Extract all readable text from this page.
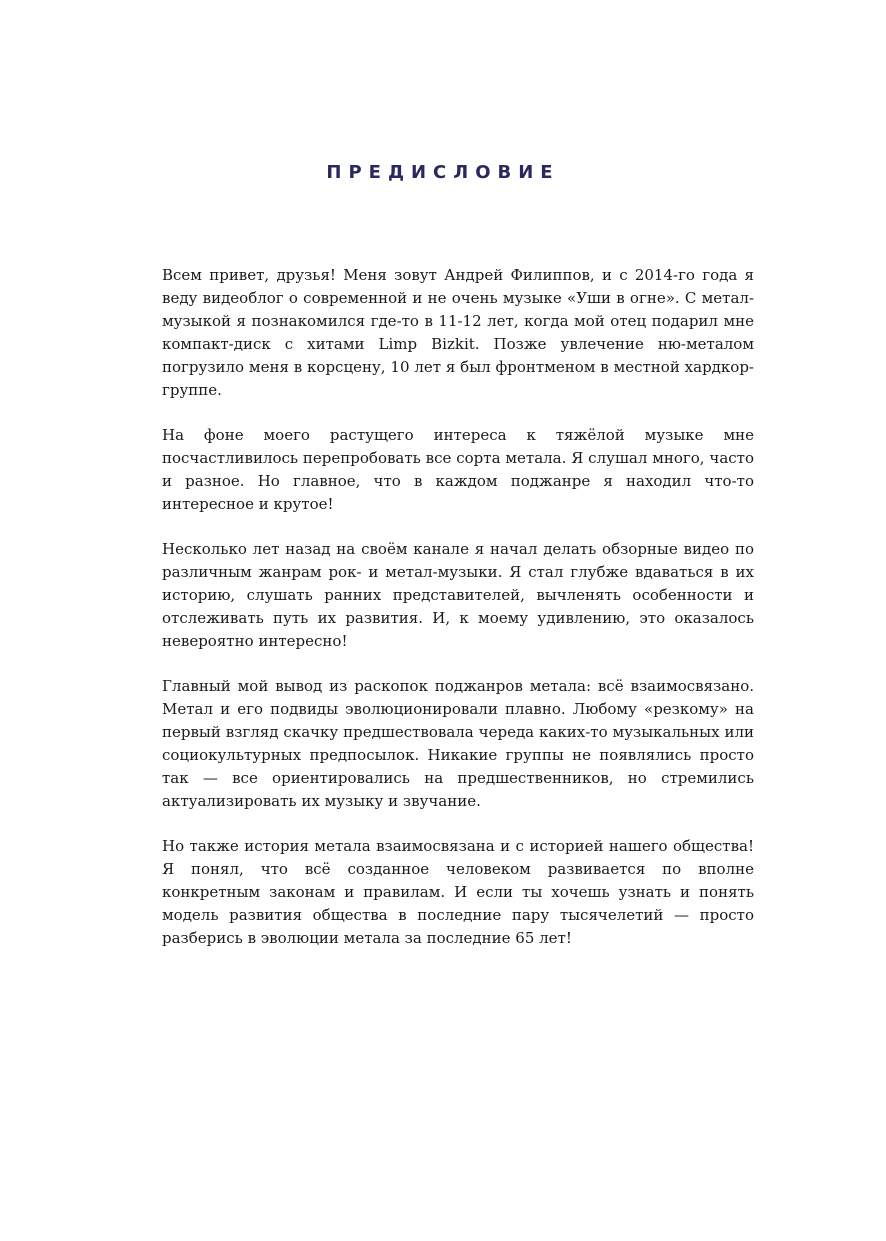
ПРЕДИСЛОВИЕ

Всем привет, друзья! Меня зовут Андрей Филиппов, и с 2014-го года я веду видеоблог о современной и не очень музыке «Уши в огне». С метал-музыкой я познакомился где-то в 11-12 лет, когда мой отец подарил мне компакт-диск с хитами Limp Bizkit. Позже увлечение ню-металом погрузило меня в корсцену, 10 лет я был фронтменом в местной хардкор-группе.

На фоне моего растущего интереса к тяжёлой музыке мне посчастливилось перепробовать все сорта метала. Я слушал много, часто и разное. Но главное, что в каждом поджанре я находил что-то интересное и крутое!

Несколько лет назад на своём канале я начал делать обзорные видео по различным жанрам рок- и метал-музыки. Я стал глубже вдаваться в их историю, слушать ранних представителей, вычленять особенности и отслеживать путь их развития. И, к моему удивлению, это оказалось невероятно интересно!

Главный мой вывод из раскопок поджанров метала: всё взаимосвязано. Метал и его подвиды эволюционировали плавно. Любому «резкому» на первый взгляд скачку предшествовала череда каких-то музыкальных или социокультурных предпосылок. Никакие группы не появлялись просто так — все ориентировались на предшественников, но стремились актуализировать их музыку и звучание.

Но также история метала взаимосвязана и с историей нашего общества! Я понял, что всё созданное человеком развивается по вполне конкретным законам и правилам. И если ты хочешь узнать и понять модель развития общества в последние пару тысячелетий — просто разберись в эволюции метала за последние 65 лет!
